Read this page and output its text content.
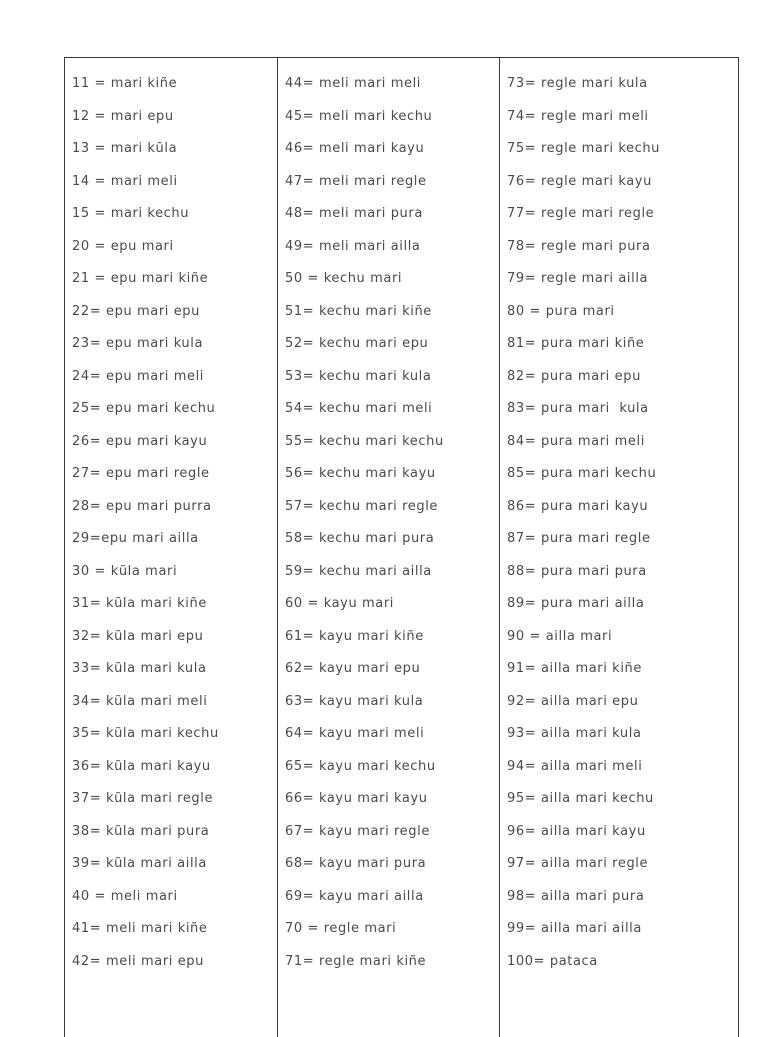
11 = mari kiñe
12 = mari epu
13 = mari kũla
14 = mari meli
15 = mari kechu
20 = epu mari
21 = epu mari kiñe
22= epu mari epu
23= epu mari kula
24= epu mari meli
25= epu mari kechu
26= epu mari kayu
27= epu mari regle
28= epu mari purra
29=epu mari ailla
30 = kũla mari
31= kũla mari kiñe
32= kũla mari epu
33= kũla mari kula
34= kũla mari meli
35= kũla mari kechu
36= kũla mari kayu
37= kũla mari regle
38= kũla mari pura
39= kũla mari ailla
40 = meli mari
41= meli mari kiñe
42= meli mari epu
44= meli mari meli
45= meli mari kechu
46= meli mari kayu
47= meli mari regle
48= meli mari pura
49= meli mari ailla
50 = kechu mari
51= kechu mari kiñe
52= kechu mari epu
53= kechu mari kula
54= kechu mari meli
55= kechu mari kechu
56= kechu mari kayu
57= kechu mari regle
58= kechu mari pura
59= kechu mari ailla
60 = kayu mari
61= kayu mari kiñe
62= kayu mari epu
63= kayu mari kula
64= kayu mari meli
65= kayu mari kechu
66= kayu mari kayu
67= kayu mari regle
68= kayu mari pura
69= kayu mari ailla
70 = regle mari
71= regle mari kiñe
73= regle mari kula
74= regle mari meli
75= regle mari kechu
76= regle mari kayu
77= regle mari regle
78= regle mari pura
79= regle mari ailla
80 = pura mari
81= pura mari kiñe
82= pura mari epu
83= pura mari  kula
84= pura mari meli
85= pura mari kechu
86= pura mari kayu
87= pura mari regle
88= pura mari pura
89= pura mari ailla
90 = ailla mari
91= ailla mari kiñe
92= ailla mari epu
93= ailla mari kula
94= ailla mari meli
95= ailla mari kechu
96= ailla mari kayu
97= ailla mari regle
98= ailla mari pura
99= ailla mari ailla
100= pataca
